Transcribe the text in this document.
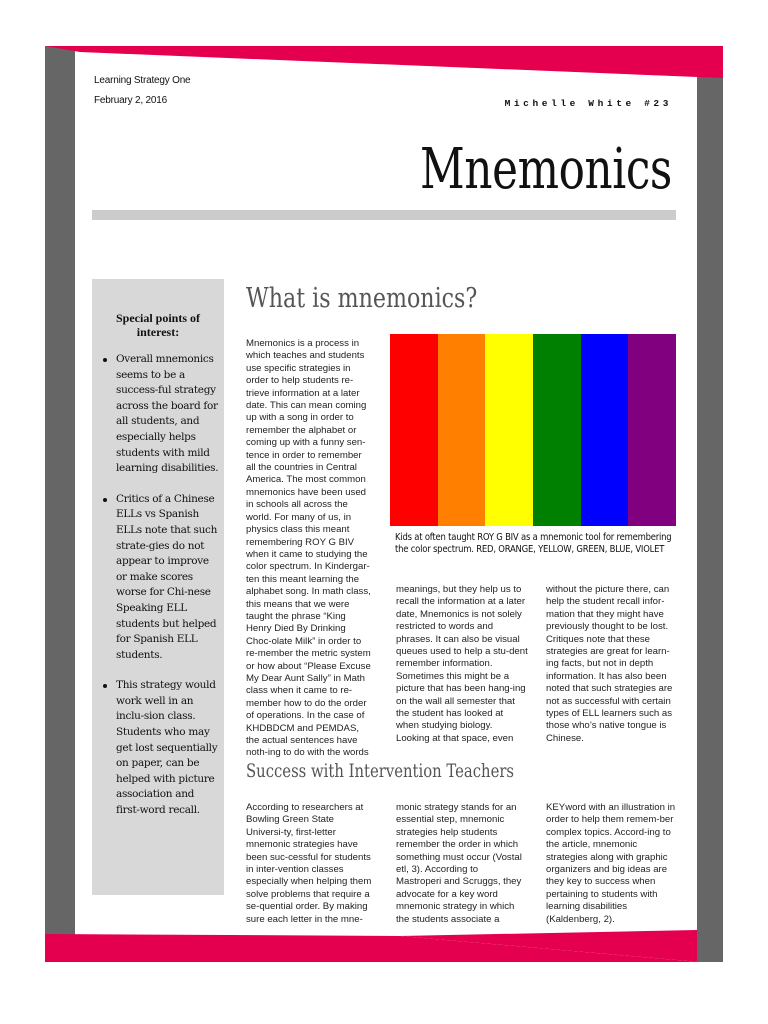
Learning Strategy One
February 2, 2016	Michelle White #23
Mnemonics
Special points of interest:
Overall mnemonics seems to be a success-ful strategy across the board for all students, and especially helps students with mild learning disabilities.
Critics of a Chinese ELLs vs Spanish ELLs note that such strate-gies do not appear to improve or make scores worse for Chi-nese Speaking ELL students but helped for Spanish ELL students.
This strategy would work well in an inclu-sion class. Students who may get lost sequentially on paper, can be helped with picture association and first-word recall.
What is mnemonics?

Mnemonics is a process in which teaches and students use specific strategies in order to help students re-trieve information at a later date. This can mean coming up with a song in order to remember the alphabet or coming up with a funny sen-tence in order to remember all the countries in Central America. The most common mnemonics have been used in schools all across the world. For many of us, in physics class this meant remembering ROY G BIV when it came to studying the color spectrum. In Kindergar-ten this meant learning the alphabet song. In math class, this means that we were taught the phrase “King Henry Died By Drinking Choc-olate Milk” in order to re-member the metric system or how about “Please Excuse My Dear Aunt Sally” in Math class when it came to re-member how to do the order of operations. In the case of KHDBDCM and PEMDAS, the actual sentences have noth-ing to do with the words

Kids at often taught ROY G BIV as a mnemonic tool for remembering the color spectrum. RED, ORANGE, YELLOW, GREEN, BLUE, VIOLET

meanings, but they help us to recall the information at a later date, Mnemonics is not solely restricted to words and phrases. It can also be visual queues used to help a stu-dent remember information. Sometimes this might be a picture that has been hang-ing on the wall all semester that the student has looked at when studying biology. Looking at that space, even

without the picture there, can help the student recall infor-mation that they might have previously thought to be lost. Critiques note that these strategies are great for learn-ing facts, but not in depth information. It has also been noted that such strategies are not as successful with certain types of ELL learners such as those who’s native tongue is Chinese.

Success with Intervention Teachers

According to researchers at Bowling Green State Universi-ty, first-letter mnemonic strategies have been suc-cessful for students in inter-vention classes especially when helping them solve problems that require a se-quential order. By making sure each letter in the mne-

monic strategy stands for an essential step, mnemonic strategies help students remember the order in which something must occur (Vostal etl, 3). According to Mastroperi and Scruggs, they advocate for a key word mnemonic strategy in which the students associate a

KEYword with an illustration in order to help them remem-ber complex topics. Accord-ing to the article, mnemonic strategies along with graphic organizers and big ideas are they key to success when pertaining to students with learning disabilities (Kaldenberg, 2).
